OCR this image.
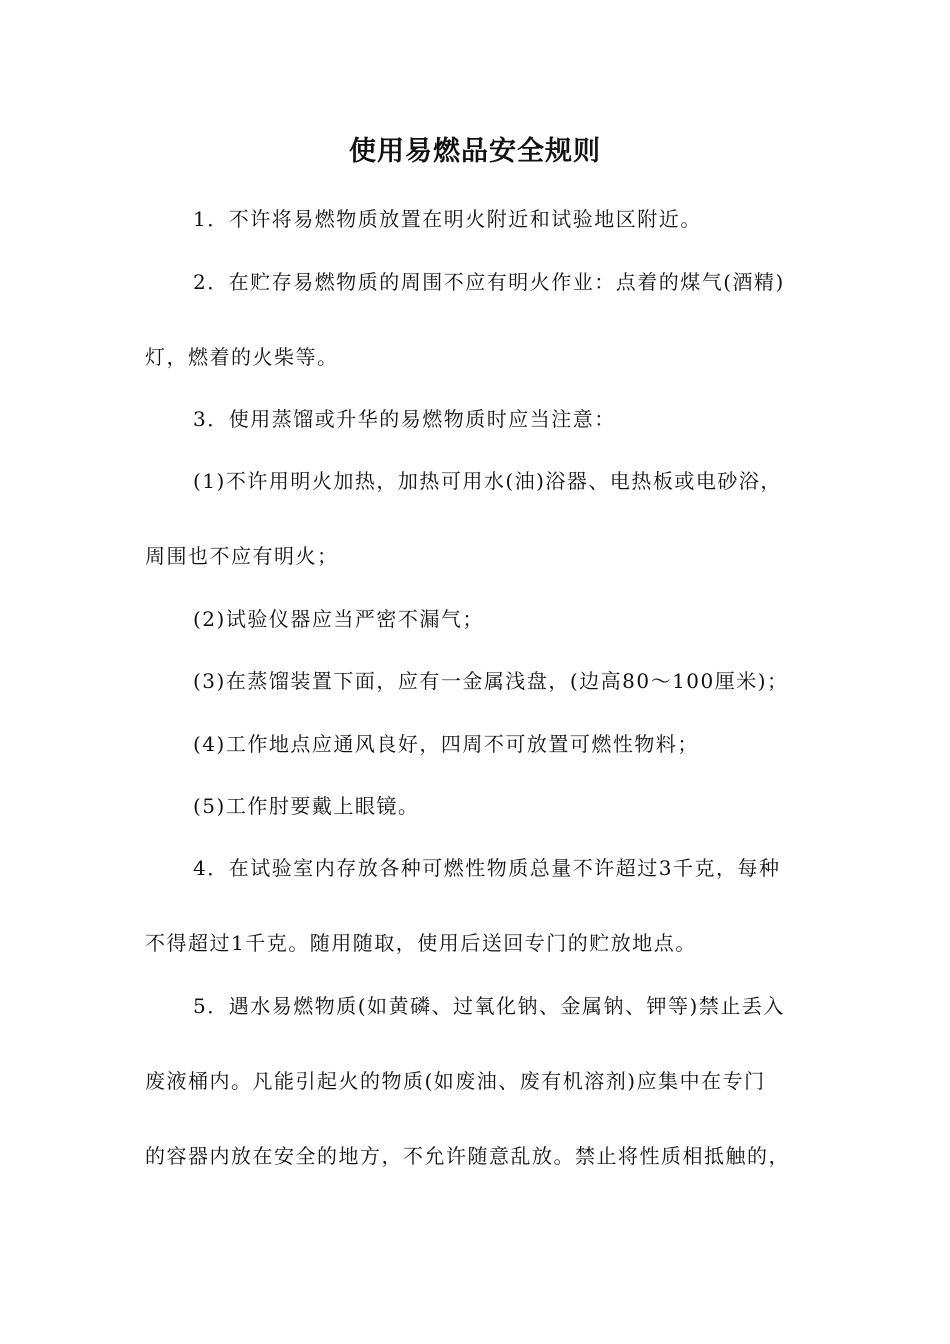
使用易燃品安全规则
1．不许将易燃物质放置在明火附近和试验地区附近。
2．在贮存易燃物质的周围不应有明火作业：点着的煤气(酒精)
灯，燃着的火柴等。
3．使用蒸馏或升华的易燃物质时应当注意：
(1)不许用明火加热，加热可用水(油)浴器、电热板或电砂浴，
周围也不应有明火；
(2)试验仪器应当严密不漏气；
(3)在蒸馏装置下面，应有一金属浅盘，(边高80～100厘米)；
(4)工作地点应通风良好，四周不可放置可燃性物料；
(5)工作肘要戴上眼镜。
4．在试验室内存放各种可燃性物质总量不许超过3千克，每种
不得超过1千克。随用随取，使用后送回专门的贮放地点。
5．遇水易燃物质(如黄磷、过氧化钠、金属钠、钾等)禁止丢入
废液桶内。凡能引起火的物质(如废油、废有机溶剂)应集中在专门
的容器内放在安全的地方，不允许随意乱放。禁止将性质相抵触的，
